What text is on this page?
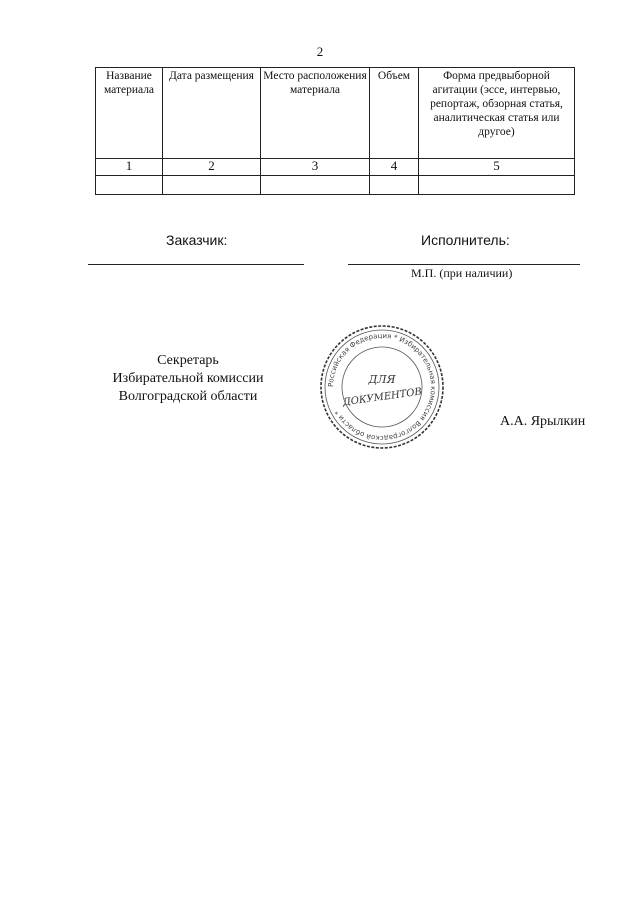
2
Название материала	Дата размещения	Место расположения материала	Объем	Форма предвыборной агитации (эссе, интервью, репортаж, обзорная статья, аналитическая статья или другое)
1	2	3	4	5

Заказчик:	Исполнитель:
М.П. (при наличии)
Секретарь
Избирательной комиссии
Волгоградской области
Российская Федерация * Избирательная комиссия Волгоградской области *
ДЛЯ
ДОКУМЕНТОВ
А.А. Ярылкин
